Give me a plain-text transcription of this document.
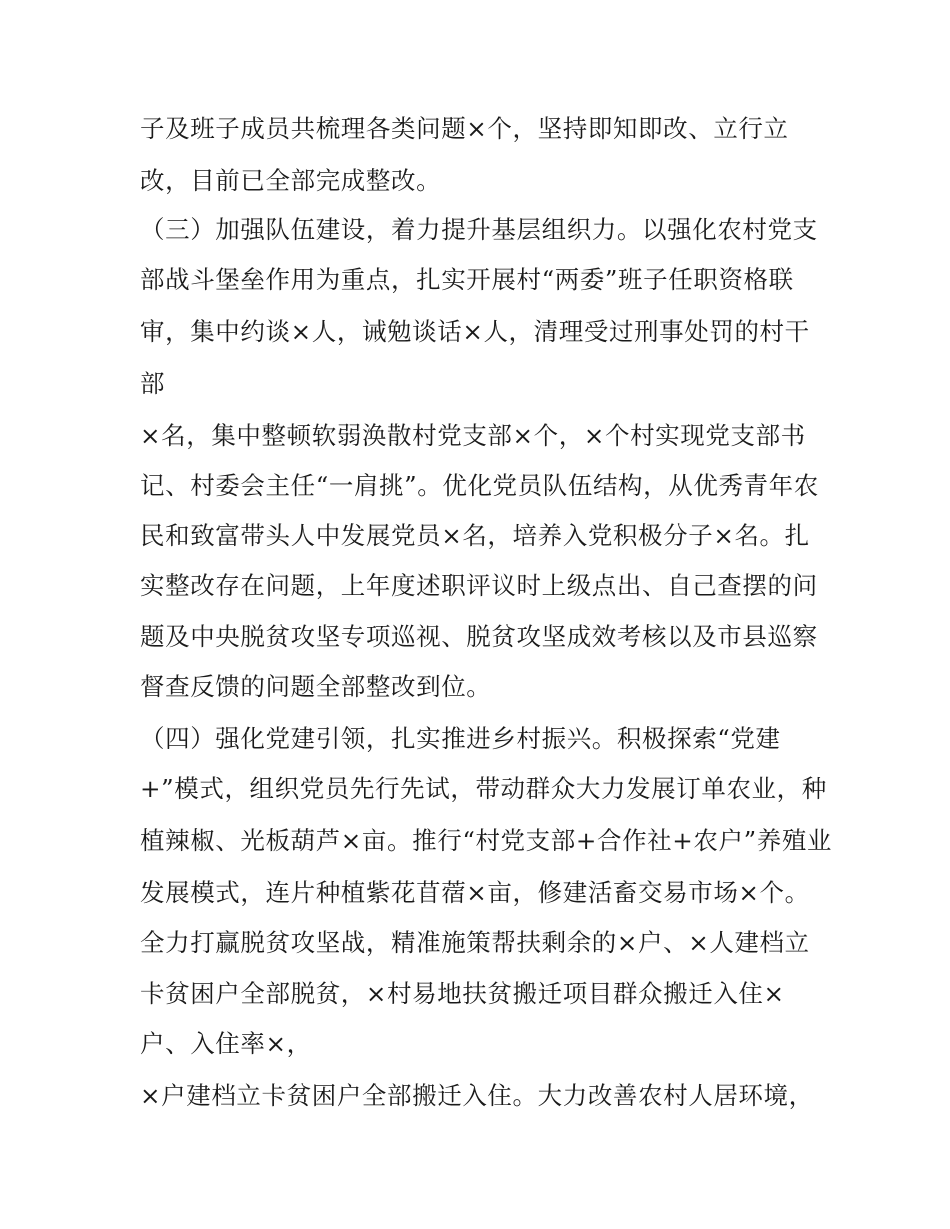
子及班子成员共梳理各类问题×个，坚持即知即改、立行立
改，目前已全部完成整改。
（三）加强队伍建设，着力提升基层组织力。以强化农村党支
部战斗堡垒作用为重点，扎实开展村“两委”班子任职资格联
审，集中约谈×人，诫勉谈话×人，清理受过刑事处罚的村干
部
×名，集中整顿软弱涣散村党支部×个，×个村实现党支部书
记、村委会主任“一肩挑”。优化党员队伍结构，从优秀青年农
民和致富带头人中发展党员×名，培养入党积极分子×名。扎
实整改存在问题，上年度述职评议时上级点出、自己查摆的问
题及中央脱贫攻坚专项巡视、脱贫攻坚成效考核以及市县巡察
督查反馈的问题全部整改到位。
（四）强化党建引领，扎实推进乡村振兴。积极探索“党建
+”模式，组织党员先行先试，带动群众大力发展订单农业，种
植辣椒、光板葫芦×亩。推行“村党支部+合作社+农户”养殖业
发展模式，连片种植紫花苜蓿×亩，修建活畜交易市场×个。
全力打赢脱贫攻坚战，精准施策帮扶剩余的×户、×人建档立
卡贫困户全部脱贫，×村易地扶贫搬迁项目群众搬迁入住×
户、入住率×，
×户建档立卡贫困户全部搬迁入住。大力改善农村人居环境，
